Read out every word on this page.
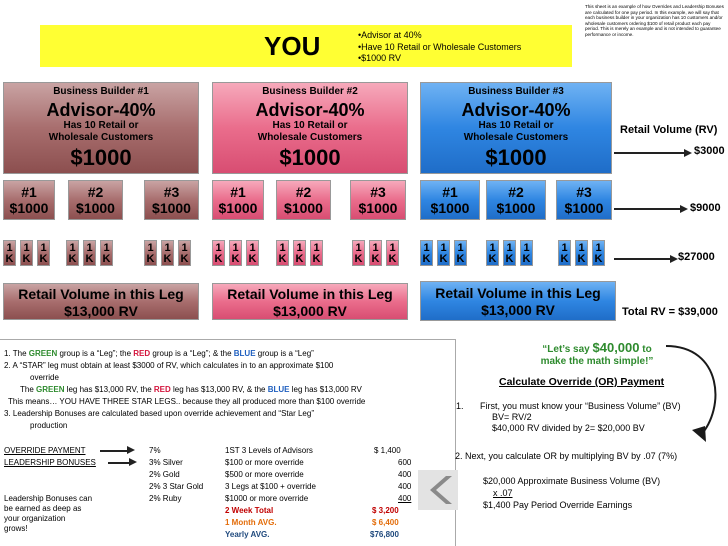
This sheet is an example of how Overrides and Leadership Bonuses are calculated for one pay period. In this example, we will say that each business builder in your organization has 10 customers and/or wholesale customers ordering $100 of retail product each pay period. This is merely an example and is not intended to guarantee performance or income.
YOU	•Advisor at 40%
•Have 10 Retail or Wholesale Customers
•$1000 RV
Business Builder #1
Advisor-40%
Has 10 Retail or
Wholesale Customers
$1000
Business Builder #2
Advisor-40%
Has 10 Retail or
Wholesale Customers
$1000
Business Builder #3
Advisor-40%
Has 10 Retail or
Wholesale Customers
$1000
#1
$1000
#2
$1000
#3
$1000
#1
$1000
#2
$1000
#3
$1000
#1
$1000
#2
$1000
#3
$1000
1
K
1
K
1
K
1
K
1
K
1
K
1
K
1
K
1
K
1
K
1
K
1
K
1
K
1
K
1
K
1
K
1
K
1
K
1
K
1
K
1
K
1
K
1
K
1
K
1
K
1
K
1
K
Retail Volume in this Leg
$13,000 RV
Retail Volume in this Leg
$13,000 RV
Retail Volume in this Leg
$13,000 RV
Retail Volume (RV)
$3000
$9000
$27000
Total RV = $39,000
1. The GREEN group is a “Leg”; the RED group is a “Leg”; & the BLUE group is a “Leg”
2. A “STAR” leg must obtain at least $3000 of RV, which calculates in to an approximate $100
override
The GREEN leg has $13,000 RV, the RED leg has $13,000 RV, & the BLUE leg has $13,000 RV
This means… YOU HAVE THREE STAR LEGS.. because they all produced more than $100 override
3. Leadership Bonuses are calculated based upon override achievement and “Star Leg”
production
OVERRIDE PAYMENT	7%	1ST 3 Levels of Advisors	$ 1,400
LEADERSHIP BONUSES	3% Silver	$100 or more override	600
2% Gold	$500 or more override	400
2% 3 Star Gold	3 Legs at $100 + override	400
2% Ruby	$1000 or more override	400
2 Week Total	$ 3,200
1 Month AVG.	$ 6,400
Yearly AVG.	$76,800
Leadership Bonuses can
be earned as deep as
your organization
grows!
“Let’s say $40,000 to
make the math simple!”
Calculate Override (OR) Payment
1. First, you must know your “Business Volume” (BV)
BV= RV/2
$40,000 RV divided by 2= $20,000 BV
2. Next, you calculate OR by multiplying BV by .07 (7%)
$20,000 Approximate Business Volume (BV)
x .07
$1,400 Pay Period Override Earnings
